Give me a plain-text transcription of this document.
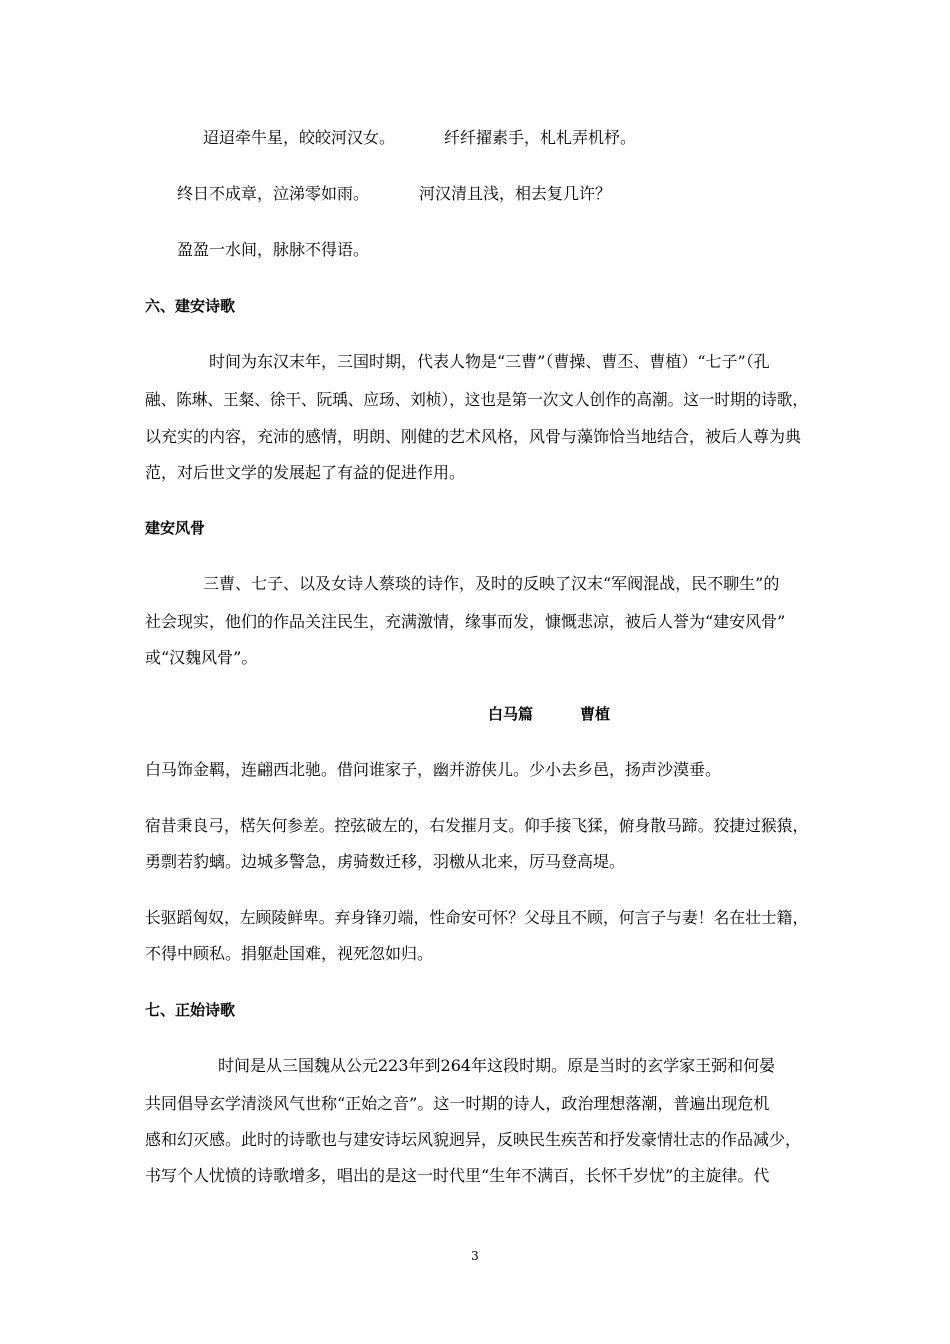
迢迢牵牛星，皎皎河汉女。	纤纤擢素手，札札弄机杼。
终日不成章，泣涕零如雨。	河汉清且浅，相去复几许？
盈盈一水间，脉脉不得语。
六、建安诗歌
时间为东汉末年，三国时期，代表人物是“三曹”（曹操、曹丕、曹植）“七子”（孔
融、陈琳、王粲、徐干、阮瑀、应玚、刘桢），这也是第一次文人创作的高潮。这一时期的诗歌，
以充实的内容，充沛的感情，明朗、刚健的艺术风格，风骨与藻饰恰当地结合，被后人尊为典
范，对后世文学的发展起了有益的促进作用。
建安风骨
三曹、七子、以及女诗人蔡琰的诗作，及时的反映了汉末“军阀混战，民不聊生”的
社会现实，他们的作品关注民生，充满激情，缘事而发，慷慨悲凉，被后人誉为“建安风骨”
或“汉魏风骨”。
白马篇	曹植
白马饰金羁，连翩西北驰。借问谁家子，幽并游侠儿。少小去乡邑，扬声沙漠垂。
宿昔秉良弓，楛矢何参差。控弦破左的，右发摧月支。仰手接飞猱，俯身散马蹄。狡捷过猴猿，
勇剽若豹螭。边城多警急，虏骑数迁移，羽檄从北来，厉马登高堤。
长驱蹈匈奴，左顾陵鲜卑。弃身锋刃端，性命安可怀？父母且不顾，何言子与妻！名在壮士籍，
不得中顾私。捐躯赴国难，视死忽如归。
七、正始诗歌
时间是从三国魏从公元223年到264年这段时期。原是当时的玄学家王弼和何晏
共同倡导玄学清淡风气世称“正始之音”。这一时期的诗人，政治理想落潮，普遍出现危机
感和幻灭感。此时的诗歌也与建安诗坛风貌迥异，反映民生疾苦和抒发豪情壮志的作品减少，
书写个人忧愤的诗歌增多，唱出的是这一时代里“生年不满百，长怀千岁忧”的主旋律。代
3
